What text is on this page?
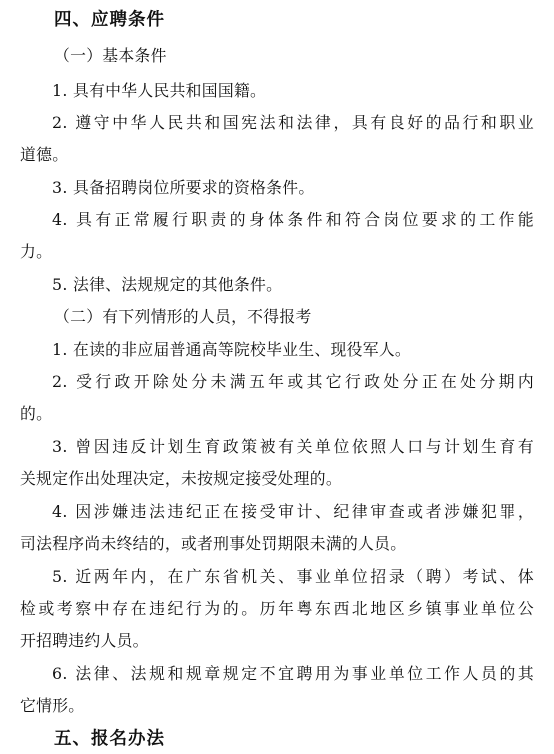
四、应聘条件
（一）基本条件
1. 具有中华人民共和国国籍。
2. 遵守中华人民共和国宪法和法律，具有良好的品行和职业
道德。
3. 具备招聘岗位所要求的资格条件。
4. 具有正常履行职责的身体条件和符合岗位要求的工作能
力。
5. 法律、法规规定的其他条件。
（二）有下列情形的人员，不得报考
1. 在读的非应届普通高等院校毕业生、现役军人。
2. 受行政开除处分未满五年或其它行政处分正在处分期内
的。
3. 曾因违反计划生育政策被有关单位依照人口与计划生育有
关规定作出处理决定，未按规定接受处理的。
4. 因涉嫌违法违纪正在接受审计、纪律审查或者涉嫌犯罪，
司法程序尚未终结的，或者刑事处罚期限未满的人员。
5. 近两年内，在广东省机关、事业单位招录（聘）考试、体
检或考察中存在违纪行为的。历年粤东西北地区乡镇事业单位公
开招聘违约人员。
6. 法律、法规和规章规定不宜聘用为事业单位工作人员的其
它情形。
五、报名办法
